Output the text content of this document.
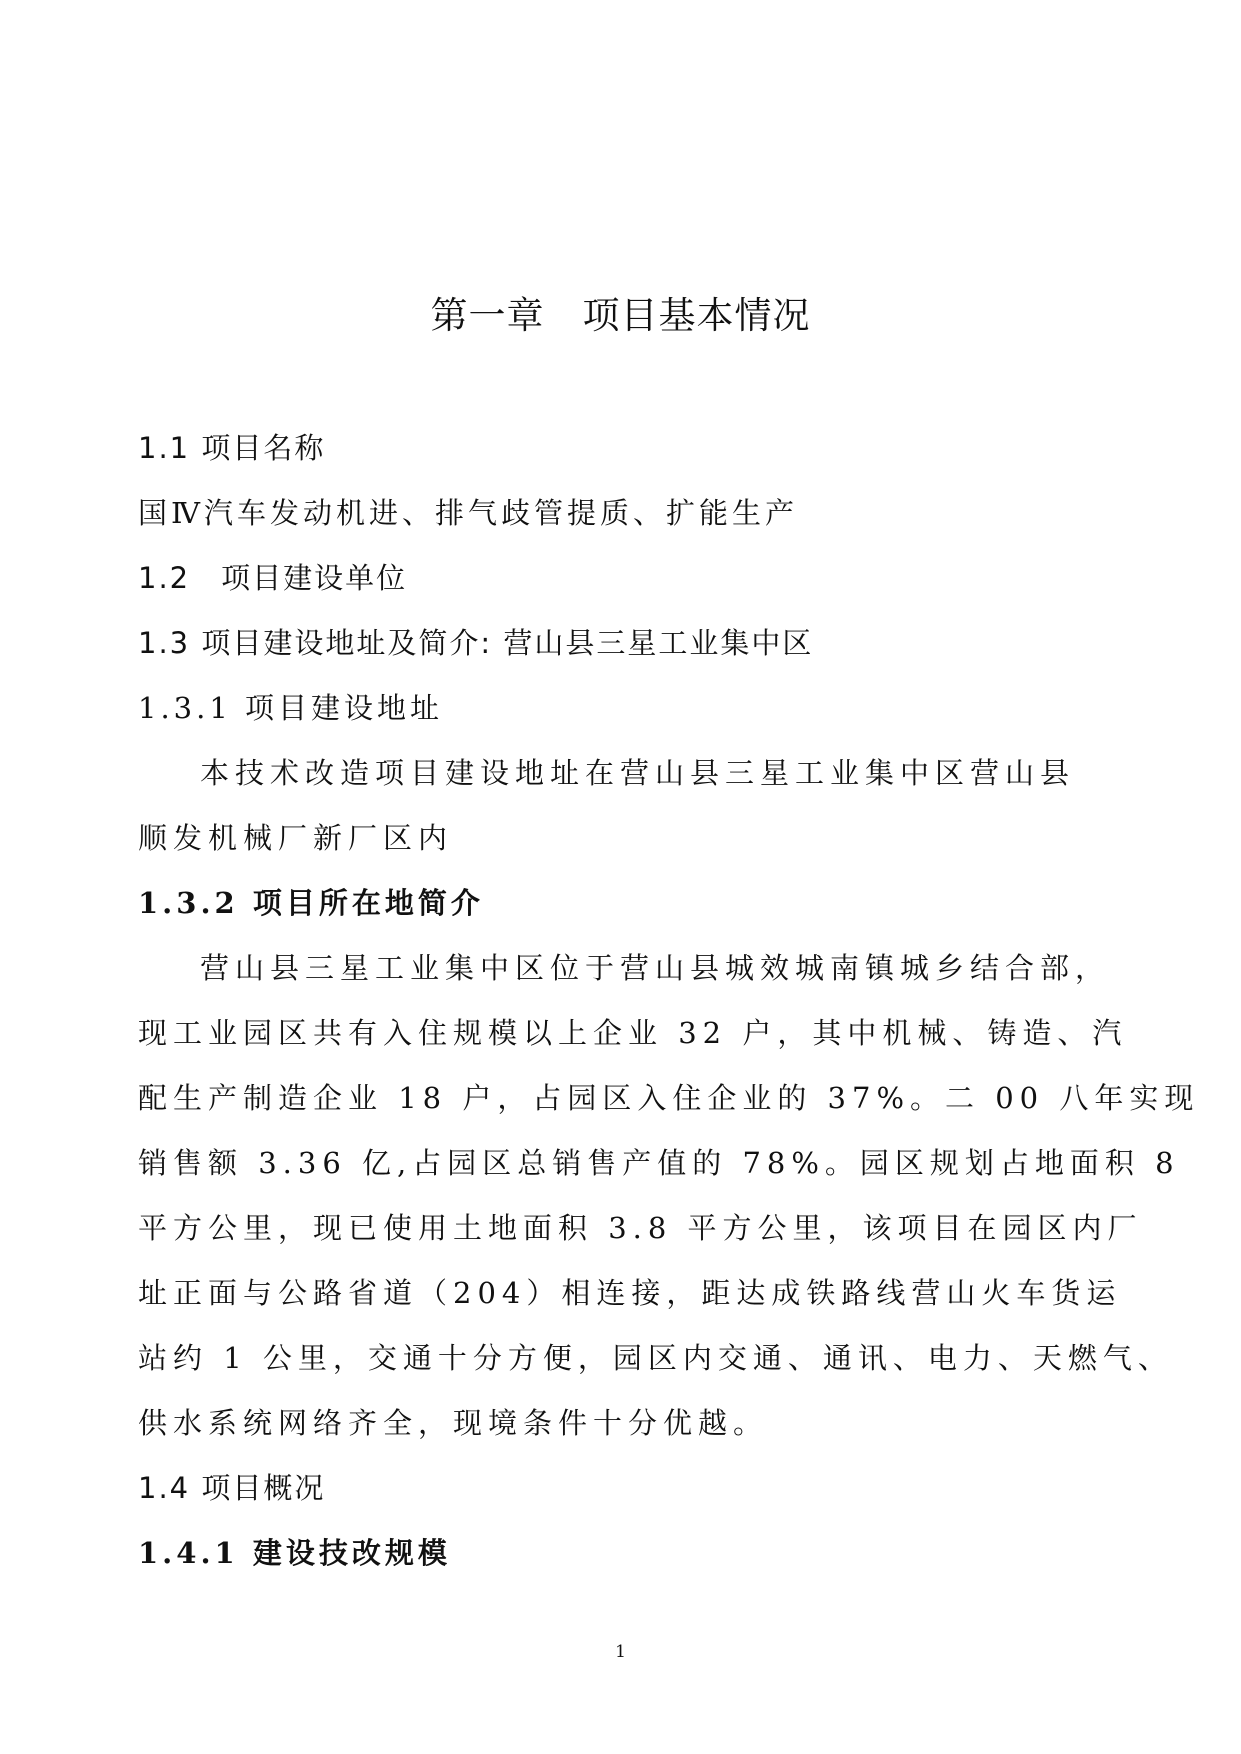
第一章　项目基本情况
1.1 项目名称
国Ⅳ汽车发动机进、排气歧管提质、扩能生产
1.2　项目建设单位
1.3 项目建设地址及简介: 营山县三星工业集中区
1.3.1 项目建设地址
本技术改造项目建设地址在营山县三星工业集中区营山县
顺发机械厂新厂区内
1.3.2 项目所在地简介
营山县三星工业集中区位于营山县城效城南镇城乡结合部，
现工业园区共有入住规模以上企业 32 户，其中机械、铸造、汽
配生产制造企业 18 户，占园区入住企业的 37%。二 00 八年实现
销售额 3.36 亿,占园区总销售产值的 78%。园区规划占地面积 8
平方公里，现已使用土地面积 3.8 平方公里，该项目在园区内厂
址正面与公路省道（204）相连接，距达成铁路线营山火车货运
站约 1 公里，交通十分方便，园区内交通、通讯、电力、天燃气、
供水系统网络齐全，现境条件十分优越。
1.4 项目概况
1.4.1 建设技改规模
1
